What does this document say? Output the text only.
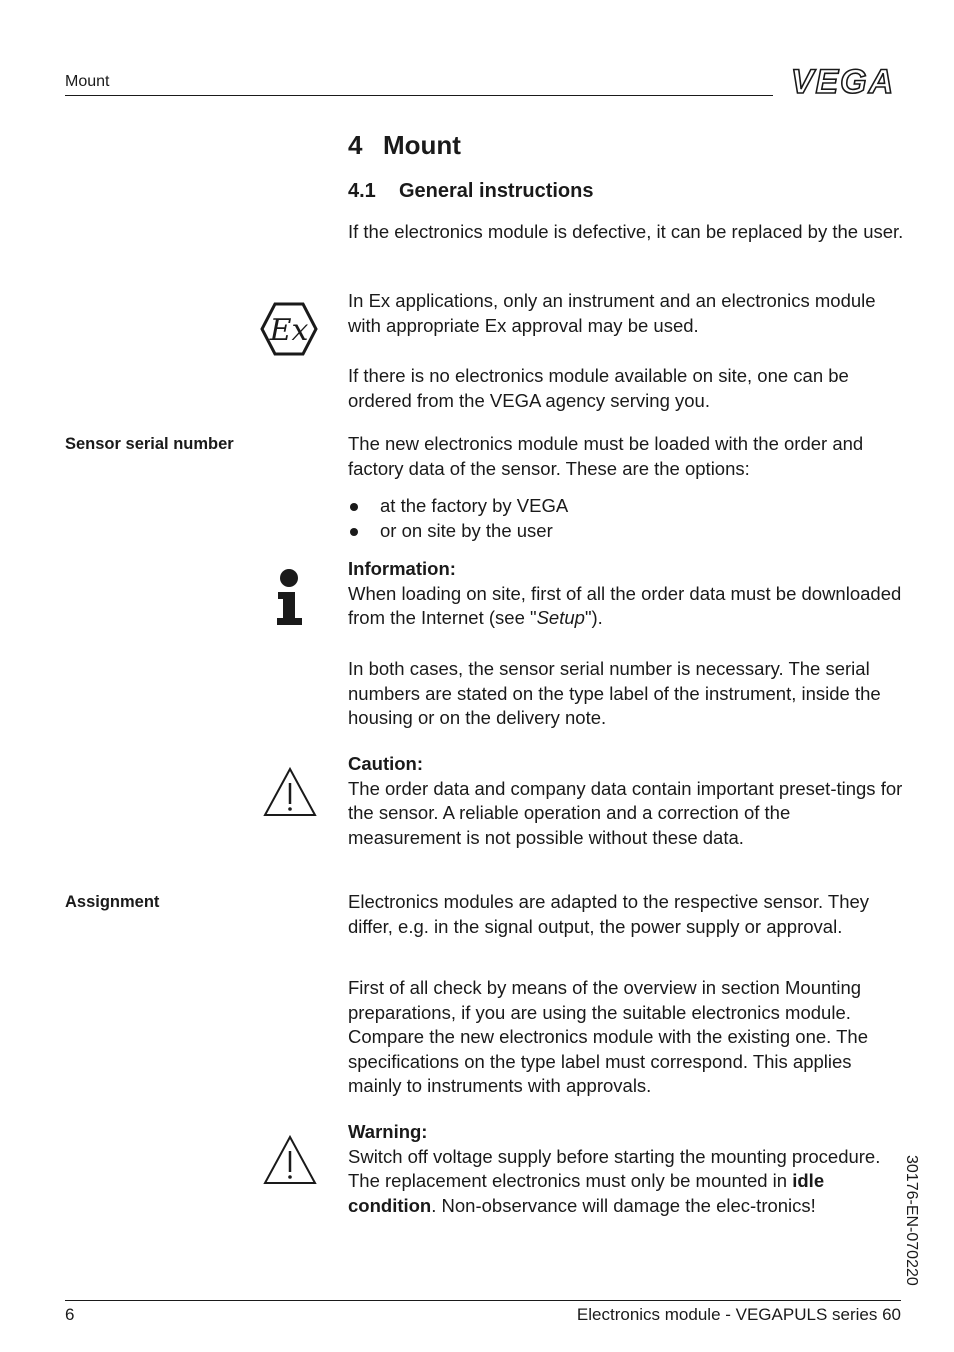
Mount	VEGA
4 Mount
4.1 General instructions
If the electronics module is defective, it can be replaced by the user.
Ex
In Ex applications, only an instrument and an electronics module with appropriate Ex approval may be used.
If there is no electronics module available on site, one can be ordered from the VEGA agency serving you.
Sensor serial number	The new electronics module must be loaded with the order and factory data of the sensor. These are the options:
at the factory by VEGA
or on site by the user

Information:

When loading on site, first of all the order data must be downloaded from the Internet (see "Setup").

In both cases, the sensor serial number is necessary. The serial numbers are stated on the type label of the instrument, inside the housing or on the delivery note.

Caution:

The order data and company data contain important preset-tings for the sensor. A reliable operation and a correction of the measurement is not possible without these data.

Assignment	Electronics modules are adapted to the respective sensor. They differ, e.g. in the signal output, the power supply or approval.
First of all check by means of the overview in section Mounting preparations, if you are using the suitable electronics module. Compare the new electronics module with the existing one. The specifications on the type label must correspond. This applies mainly to instruments with approvals.

Warning:

Switch off voltage supply before starting the mounting procedure. The replacement electronics must only be mounted in idle condition. Non-observance will damage the elec-tronics!	30176-EN-070220
6	Electronics module - VEGAPULS series 60
